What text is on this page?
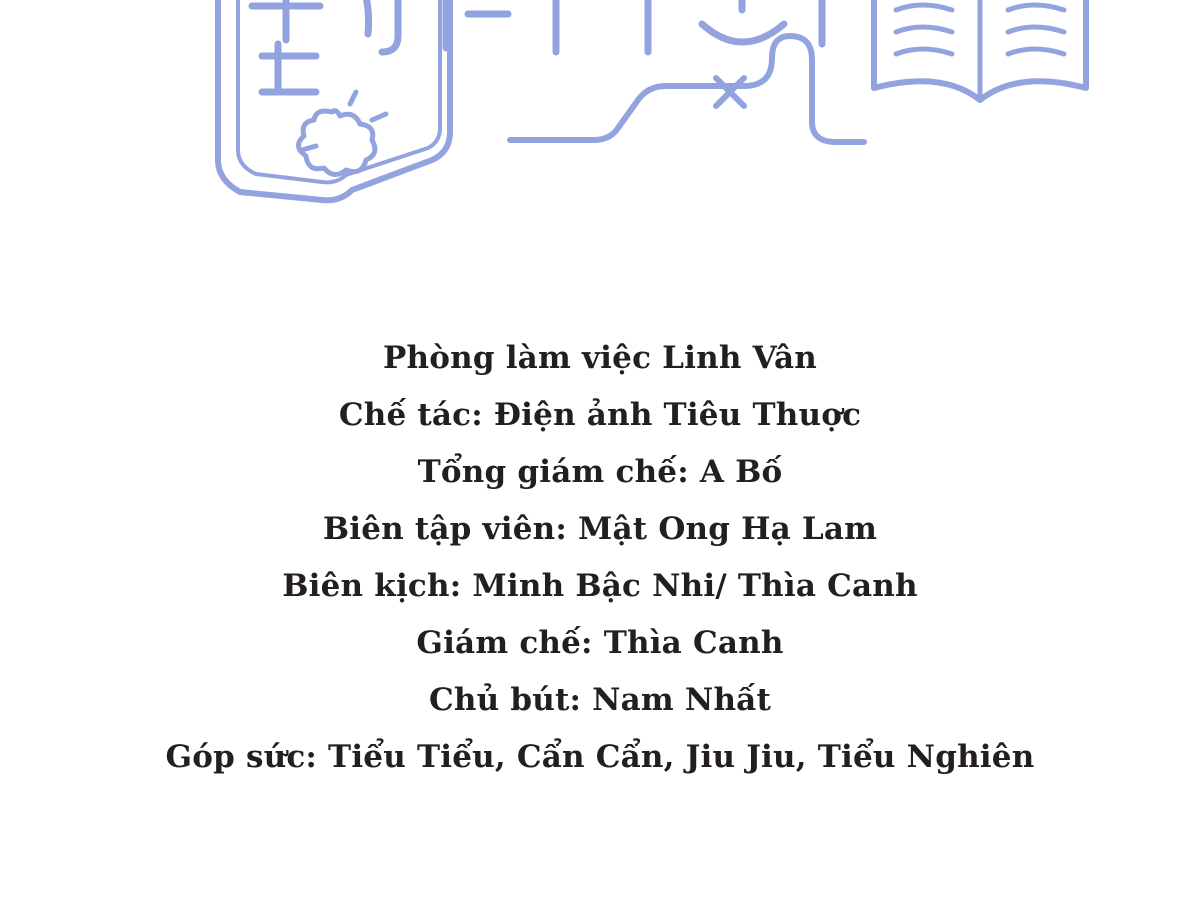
Phòng làm việc Linh Vân
Chế tác: Điện ảnh Tiêu Thuợc
Tổng giám chế: A Bố
Biên tập viên: Mật Ong Hạ Lam
Biên kịch: Minh Bậc Nhi/ Thìa Canh
Giám chế: Thìa Canh
Chủ bút: Nam Nhất
Góp sức: Tiểu Tiểu, Cẩn Cẩn, Jiu Jiu, Tiểu Nghiên
